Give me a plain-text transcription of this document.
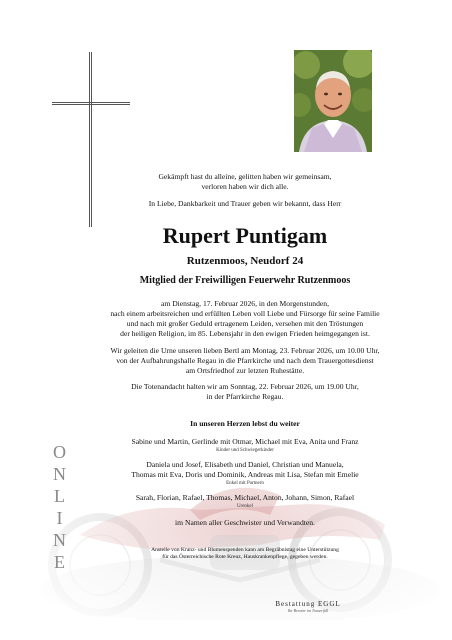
Gekämpft hast du alleine, gelitten haben wir gemeinsam,

verloren haben wir dich alle.

In Liebe, Dankbarkeit und Trauer geben wir bekannt, dass Herr

Rupert Puntigam

Rutzenmoos, Neudorf 24

Mitglied der Freiwilligen Feuerwehr Rutzenmoos

am Dienstag, 17. Februar 2026, in den Morgenstunden,

nach einem arbeitsreichen und erfüllten Leben voll Liebe und Fürsorge für seine Familie

und nach mit großer Geduld ertragenem Leiden, versehen mit den Tröstungen

der heiligen Religion, im 85. Lebensjahr in den ewigen Frieden heimgegangen ist.

Wir geleiten die Urne unseren lieben Bertl am Montag, 23. Februar 2026, um 10.00 Uhr,

von der Aufbahrungshalle Regau in die Pfarrkirche und nach dem Trauergottesdienst

am Ortsfriedhof zur letzten Ruhestätte.

Die Totenandacht halten wir am Sonntag, 22. Februar 2026, um 19.00 Uhr,

in der Pfarrkirche Regau.

In unseren Herzen lebst du weiter

Sabine und Martin, Gerlinde mit Otmar, Michael mit Eva, Anita und Franz

Kinder und Schwiegerkinder

Daniela und Josef, Elisabeth und Daniel, Christian und Manuela,

Thomas mit Eva, Doris und Dominik, Andreas mit Lisa, Stefan mit Emelie

Enkel mit Partnern

Sarah, Florian, Rafael, Thomas, Michael, Anton, Johann, Simon, Rafael

Urenkel

im Namen aller Geschwister und Verwandten.

Anstelle von Kranz- und Blumenspenden kann am Begräbnistag eine Unterstützung

für das Österreichische Rote Kreuz, Hauskrankenpflege, gegeben werden.

O
N
L
I
N
E

Bestattung EGGL

Ihr Berater im Trauerfall
